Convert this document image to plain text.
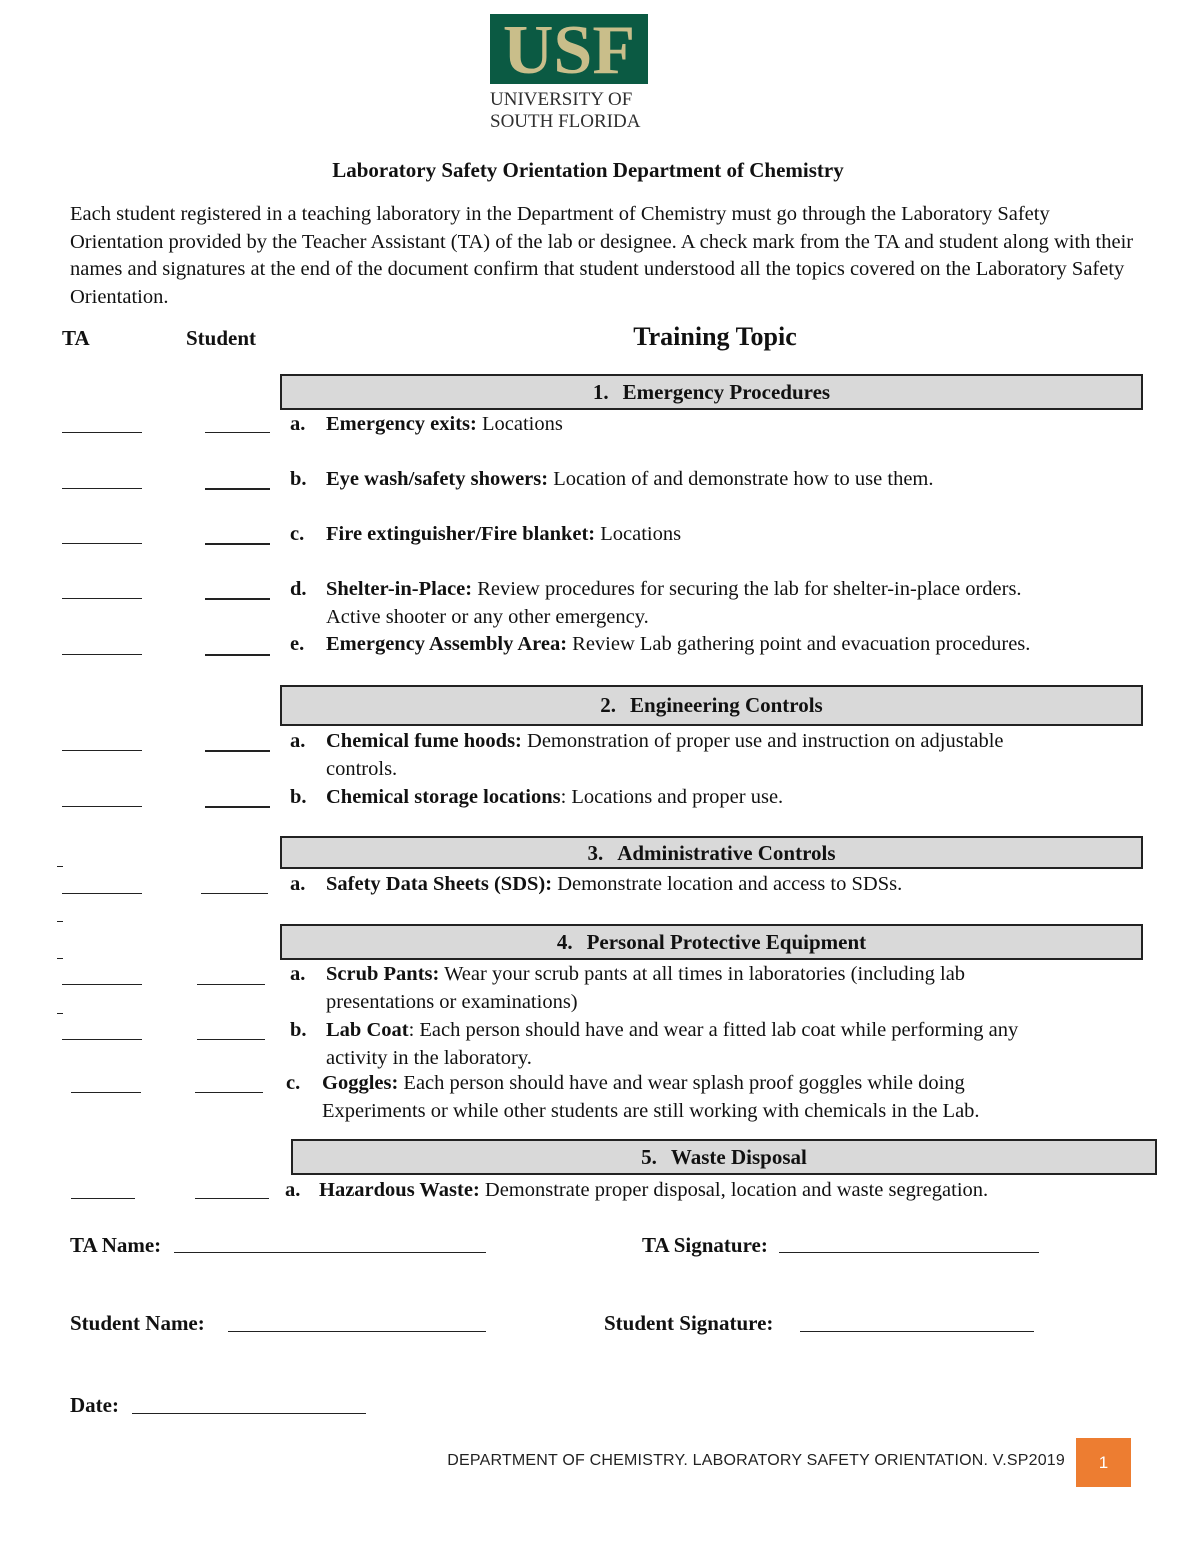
USF
UNIVERSITY OF
SOUTH FLORIDA
Laboratory Safety Orientation Department of Chemistry
Each student registered in a teaching laboratory in the Department of Chemistry must go through the Laboratory Safety Orientation provided by the Teacher Assistant (TA) of the lab or designee. A check mark from the TA and student along with their names and signatures at the end of the document confirm that student understood all the topics covered on the Laboratory Safety Orientation.
TA	Student	Training Topic
1. Emergency Procedures
a. Emergency exits: Locations
b. Eye wash/safety showers: Location of and demonstrate how to use them.
c. Fire extinguisher/Fire blanket: Locations
d. Shelter-in-Place: Review procedures for securing the lab for shelter-in-place orders.
Active shooter or any other emergency.
e. Emergency Assembly Area: Review Lab gathering point and evacuation procedures.
2. Engineering Controls
a. Chemical fume hoods: Demonstration of proper use and instruction on adjustable
controls.
b. Chemical storage locations: Locations and proper use.
3. Administrative Controls
a. Safety Data Sheets (SDS): Demonstrate location and access to SDSs.
4. Personal Protective Equipment
a. Scrub Pants: Wear your scrub pants at all times in laboratories (including lab
presentations or examinations)
b. Lab Coat: Each person should have and wear a fitted lab coat while performing any
activity in the laboratory.
c. Goggles: Each person should have and wear splash proof goggles while doing
Experiments or while other students are still working with chemicals in the Lab.
5. Waste Disposal
a. Hazardous Waste: Demonstrate proper disposal, location and waste segregation.
TA Name:	TA Signature:
Student Name:	Student Signature:
Date:
DEPARTMENT OF CHEMISTRY. LABORATORY SAFETY ORIENTATION. V.SP2019	1
